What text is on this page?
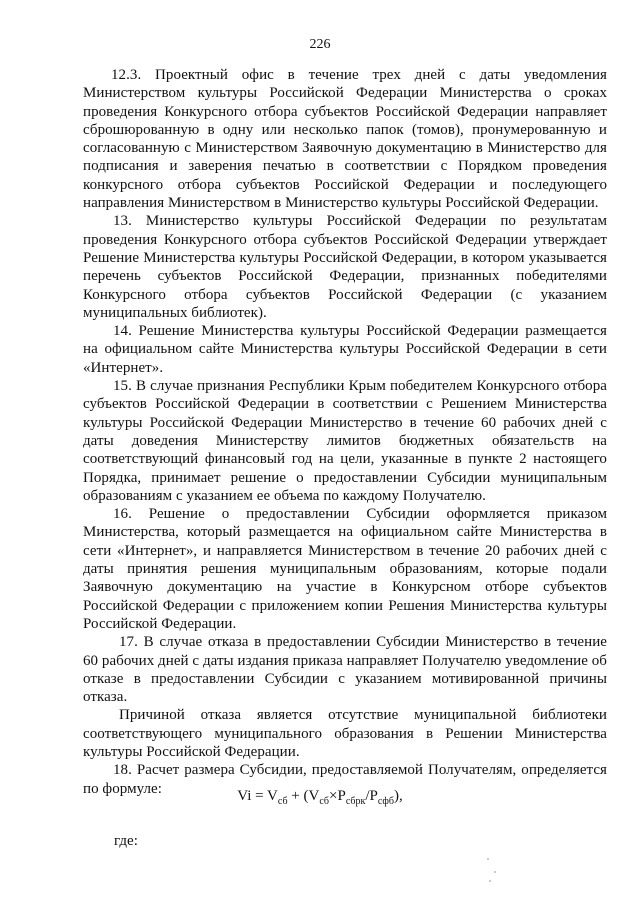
226

12.3. Проектный офис в течение трех дней с даты уведомления Министерством культуры Российской Федерации Министерства о сроках проведения Конкурсного отбора субъектов Российской Федерации направляет сброшюрованную в одну или несколько папок (томов), пронумерованную и согласованную с Министерством Заявочную документацию в Министерство для подписания и заверения печатью в соответствии с Порядком проведения конкурсного отбора субъектов Российской Федерации и последующего направления Министерством в Министерство культуры Российской Федерации.

13. Министерство культуры Российской Федерации по результатам проведения Конкурсного отбора субъектов Российской Федерации утверждает Решение Министерства культуры Российской Федерации, в котором указывается перечень субъектов Российской Федерации, признанных победителями Конкурсного отбора субъектов Российской Федерации (с указанием муниципальных библиотек).

14. Решение Министерства культуры Российской Федерации размещается на официальном сайте Министерства культуры Российской Федерации в сети «Интернет».

15. В случае признания Республики Крым победителем Конкурсного отбора субъектов Российской Федерации в соответствии с Решением Министерства культуры Российской Федерации Министерство в течение 60 рабочих дней с даты доведения Министерству лимитов бюджетных обязательств на соответствующий финансовый год на цели, указанные в пункте 2 настоящего Порядка, принимает решение о предоставлении Субсидии муниципальным образованиям с указанием ее объема по каждому Получателю.

16. Решение о предоставлении Субсидии оформляется приказом Министерства, который размещается на официальном сайте Министерства в сети «Интернет», и направляется Министерством в течение 20 рабочих дней с даты принятия решения муниципальным образованиям, которые подали Заявочную документацию на участие в Конкурсном отборе субъектов Российской Федерации с приложением копии Решения Министерства культуры Российской Федерации.

17. В случае отказа в предоставлении Субсидии Министерство в течение 60 рабочих дней с даты издания приказа направляет Получателю уведомление об отказе в предоставлении Субсидии с указанием мотивированной причины отказа.

Причиной отказа является отсутствие муниципальной библиотеки соответствующего муниципального образования в Решении Министерства культуры Российской Федерации.

18. Расчет размера Субсидии, предоставляемой Получателям, определяется по формуле:	$Vi = V_{сб} + (V_{сб}\times P_{сбрк}/P_{сфб})$,
где:
